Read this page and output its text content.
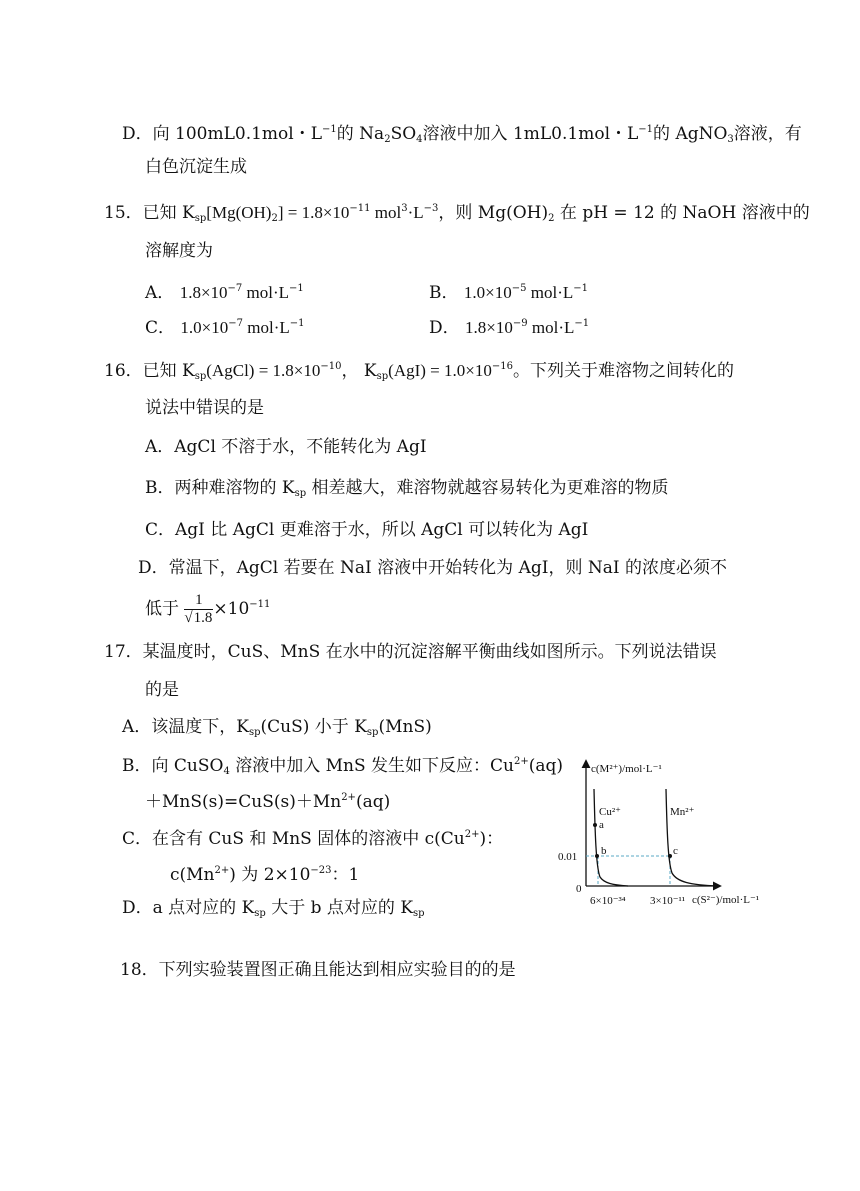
D．向 100mL0.1mol・$L^{-1}$的 $Na_2SO_4$溶液中加入 1mL0.1mol・$L^{-1}$的 AgNO$_3$溶液，有
白色沉淀生成
15．已知 $K_{sp}[Mg(OH)_2] = 1.8\times 10^{-11}$ $mol^3\cdot L^{-3}$，则 $Mg(OH)_2$ 在 pH = 12 的 NaOH 溶液中的
溶解度为
A． $1.8\times 10^{-7}$ $mol\cdot L^{-1}$	B． $1.0\times 10^{-5}$ $mol\cdot L^{-1}$
C． $1.0\times 10^{-7}$ $mol\cdot L^{-1}$	D． $1.8\times 10^{-9}$ $mol\cdot L^{-1}$
16．已知 $K_{sp}(AgCl) = 1.8\times 10^{-10}$， $K_{sp}(AgI) = 1.0\times 10^{-16}$。下列关于难溶物之间转化的
说法中错误的是
A．AgCl 不溶于水，不能转化为 AgI
B．两种难溶物的 $K_{sp}$ 相差越大，难溶物就越容易转化为更难溶的物质
C．AgI 比 AgCl 更难溶于水，所以 AgCl 可以转化为 AgI
D．常温下，AgCl 若要在 NaI 溶液中开始转化为 AgI，则 NaI 的浓度必须不
低于 $\frac{1}{√1.8} \times 10^{-11}$
17．某温度时，CuS、MnS 在水中的沉淀溶解平衡曲线如图所示。下列说法错误
的是
A．该温度下，$K_{sp}(CuS)$ 小于 $K_{sp}(MnS)$
B．向 CuSO$_4$ 溶液中加入 MnS 发生如下反应：$Cu^{2+}(aq)$
$+MnS(s)=CuS(s)+Mn^{2+}(aq)$
C．在含有 CuS 和 MnS 固体的溶液中 $c(Cu^{2+})$：
$c(Mn^{2+})$ 为 $2\times 10^{-23}$：1
D．a 点对应的 $K_{sp}$ 大于 b 点对应的 $K_{sp}$
c(M²⁺)/mol·L⁻¹
c(S²⁻)/mol·L⁻¹
0
0.01
6×10⁻³⁴ 3×10⁻¹¹
Cu²⁺	Mn²⁺
a
b	c
18．下列实验装置图正确且能达到相应实验目的的是
